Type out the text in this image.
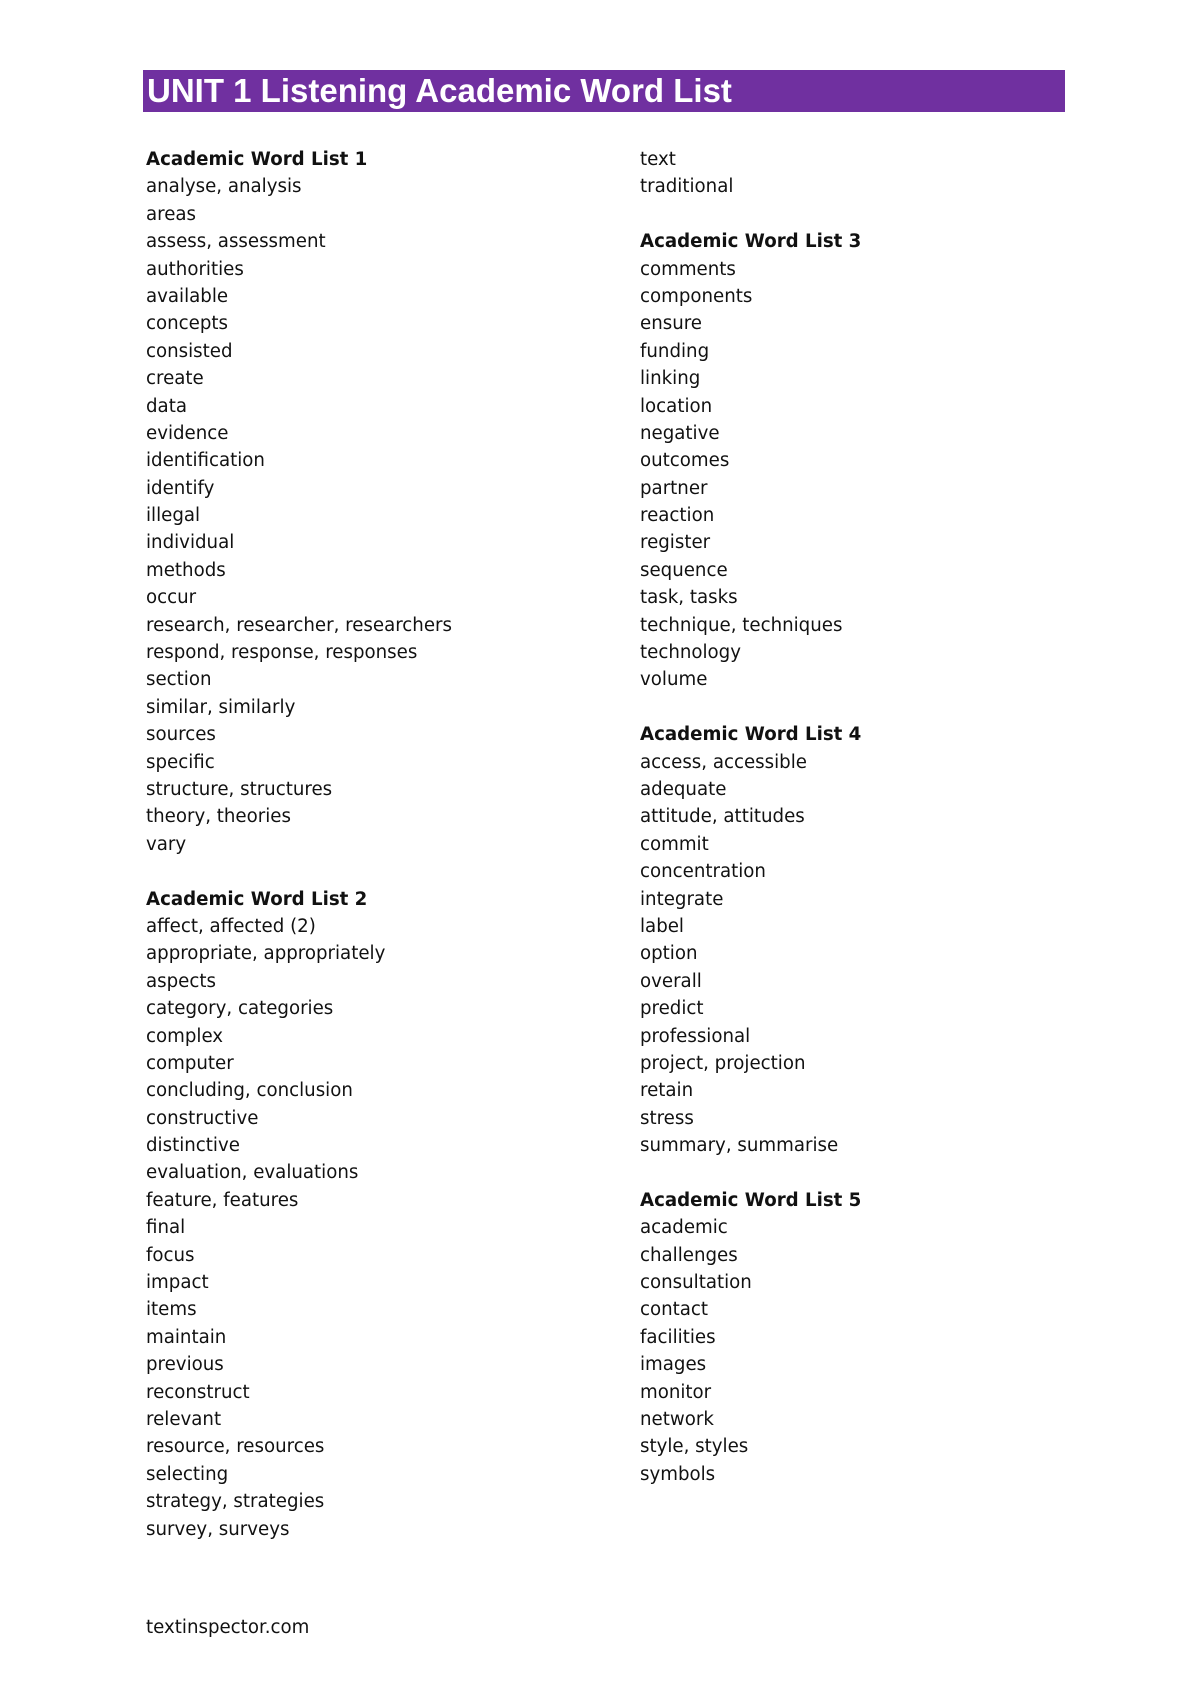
UNIT 1 Listening Academic Word List
Academic Word List 1
analyse, analysis
areas
assess, assessment
authorities
available
concepts
consisted
create
data
evidence
identification
identify
illegal
individual
methods
occur
research, researcher, researchers
respond, response, responses
section
similar, similarly
sources
specific
structure, structures
theory, theories
vary
Academic Word List 2
affect, affected (2)
appropriate, appropriately
aspects
category, categories
complex
computer
concluding, conclusion
constructive
distinctive
evaluation, evaluations
feature, features
final
focus
impact
items
maintain
previous
reconstruct
relevant
resource, resources
selecting
strategy, strategies
survey, surveys
text
traditional
Academic Word List 3
comments
components
ensure
funding
linking
location
negative
outcomes
partner
reaction
register
sequence
task, tasks
technique, techniques
technology
volume
Academic Word List 4
access, accessible
adequate
attitude, attitudes
commit
concentration
integrate
label
option
overall
predict
professional
project, projection
retain
stress
summary, summarise
Academic Word List 5
academic
challenges
consultation
contact
facilities
images
monitor
network
style, styles
symbols
textinspector.com
